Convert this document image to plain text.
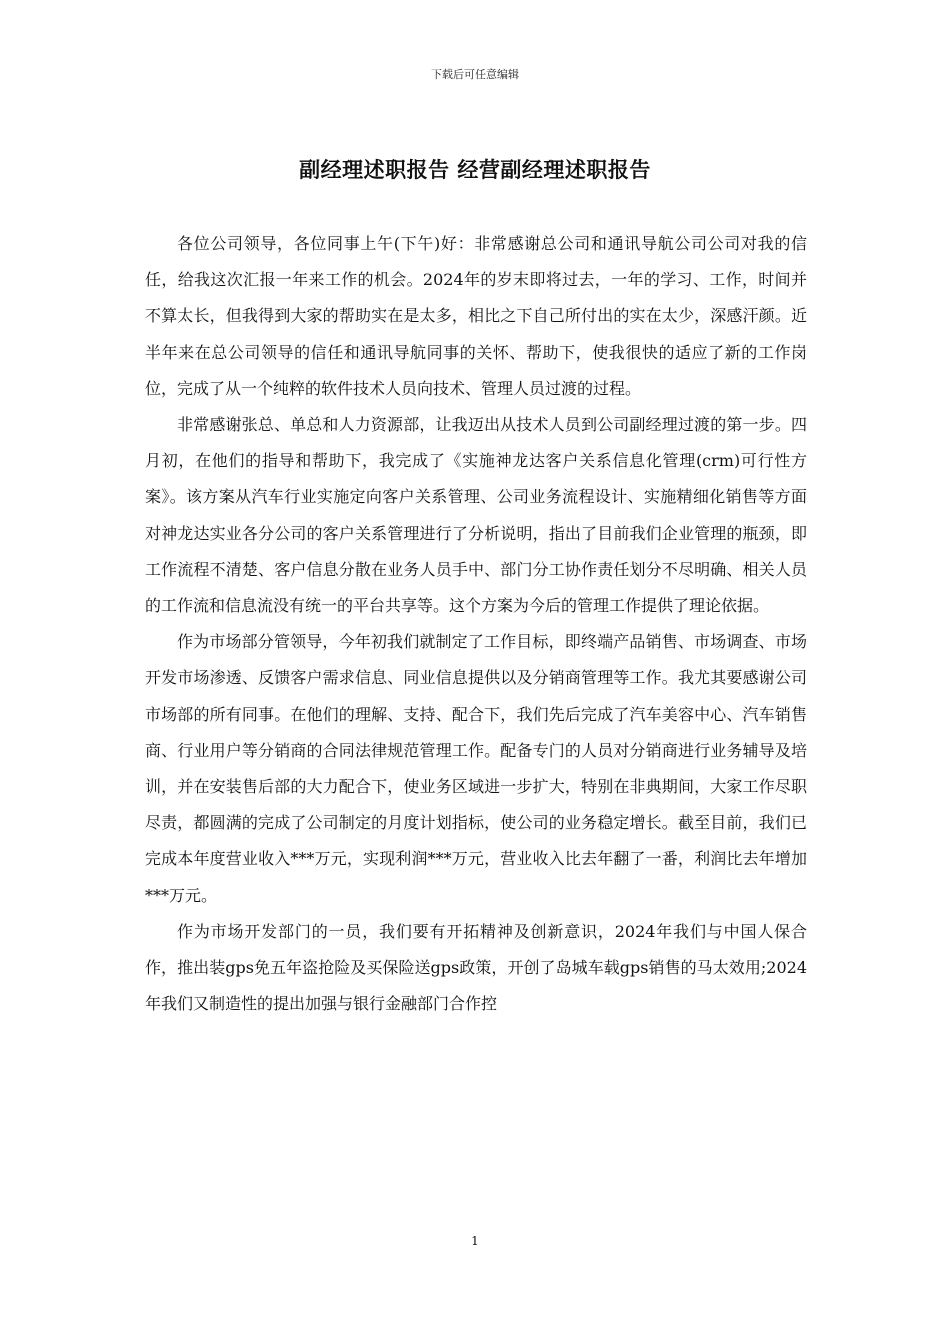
下载后可任意编辑
副经理述职报告 经营副经理述职报告

各位公司领导，各位同事上午(下午)好：非常感谢总公司和通讯导航公司公司对我的信任，给我这次汇报一年来工作的机会。2024年的岁末即将过去，一年的学习、工作，时间并不算太长，但我得到大家的帮助实在是太多，相比之下自己所付出的实在太少，深感汗颜。近半年来在总公司领导的信任和通讯导航同事的关怀、帮助下，使我很快的适应了新的工作岗位，完成了从一个纯粹的软件技术人员向技术、管理人员过渡的过程。

非常感谢张总、单总和人力资源部，让我迈出从技术人员到公司副经理过渡的第一步。四月初，在他们的指导和帮助下，我完成了《实施神龙达客户关系信息化管理(crm)可行性方案》。该方案从汽车行业实施定向客户关系管理、公司业务流程设计、实施精细化销售等方面对神龙达实业各分公司的客户关系管理进行了分析说明，指出了目前我们企业管理的瓶颈，即工作流程不清楚、客户信息分散在业务人员手中、部门分工协作责任划分不尽明确、相关人员的工作流和信息流没有统一的平台共享等。这个方案为今后的管理工作提供了理论依据。

作为市场部分管领导，今年初我们就制定了工作目标，即终端产品销售、市场调查、市场开发市场渗透、反馈客户需求信息、同业信息提供以及分销商管理等工作。我尤其要感谢公司市场部的所有同事。在他们的理解、支持、配合下，我们先后完成了汽车美容中心、汽车销售商、行业用户等分销商的合同法律规范管理工作。配备专门的人员对分销商进行业务辅导及培训，并在安装售后部的大力配合下，使业务区域进一步扩大，特别在非典期间，大家工作尽职尽责，都圆满的完成了公司制定的月度计划指标，使公司的业务稳定增长。截至目前，我们已完成本年度营业收入***万元，实现利润***万元，营业收入比去年翻了一番，利润比去年增加***万元。

作为市场开发部门的一员，我们要有开拓精神及创新意识，2024年我们与中国人保合作，推出装gps免五年盗抢险及买保险送gps政策，开创了岛城车载gps销售的马太效用;2024年我们又制造性的提出加强与银行金融部门合作控

1
